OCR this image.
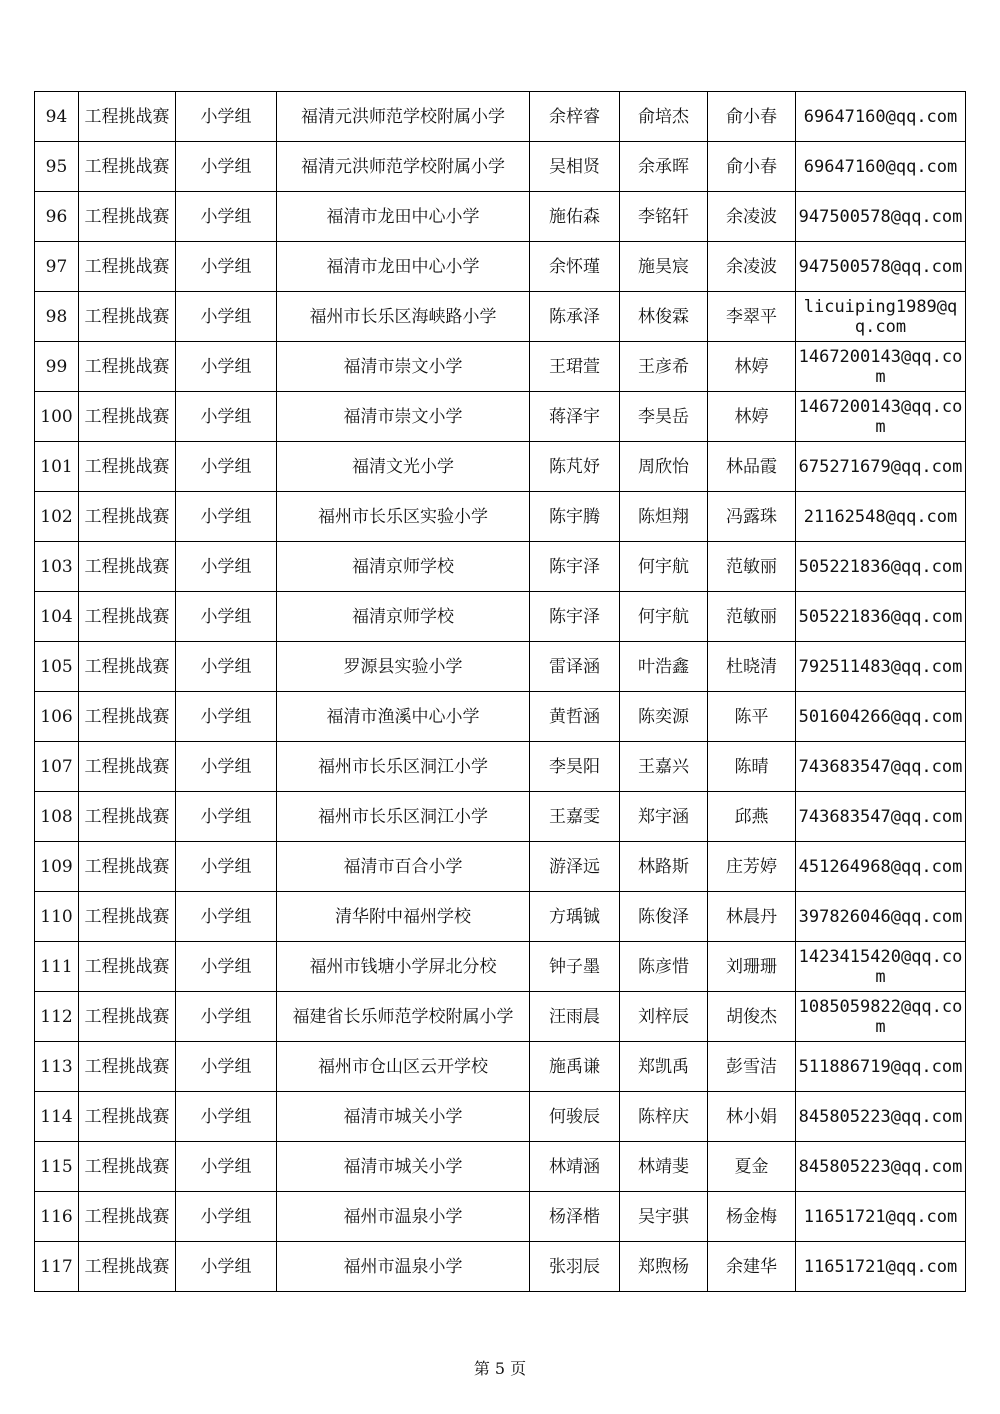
94	工程挑战赛	小学组	福清元洪师范学校附属小学	余梓睿	俞培杰	俞小春	69647160@qq.com
95	工程挑战赛	小学组	福清元洪师范学校附属小学	吴相贤	余承晖	俞小春	69647160@qq.com
96	工程挑战赛	小学组	福清市龙田中心小学	施佑森	李铭轩	余凌波	947500578@qq.com
97	工程挑战赛	小学组	福清市龙田中心小学	余怀瑾	施昊宸	余凌波	947500578@qq.com
98	工程挑战赛	小学组	福州市长乐区海峡路小学	陈承泽	林俊霖	李翠平	licuiping1989@qq.com
99	工程挑战赛	小学组	福清市崇文小学	王珺萱	王彦希	林婷	1467200143@qq.com
100	工程挑战赛	小学组	福清市崇文小学	蒋泽宇	李昊岳	林婷	1467200143@qq.com
101	工程挑战赛	小学组	福清文光小学	陈芃妤	周欣怡	林品霞	675271679@qq.com
102	工程挑战赛	小学组	福州市长乐区实验小学	陈宇腾	陈炟翔	冯露珠	21162548@qq.com
103	工程挑战赛	小学组	福清京师学校	陈宇泽	何宇航	范敏丽	505221836@qq.com
104	工程挑战赛	小学组	福清京师学校	陈宇泽	何宇航	范敏丽	505221836@qq.com
105	工程挑战赛	小学组	罗源县实验小学	雷译涵	叶浩鑫	杜晓清	792511483@qq.com
106	工程挑战赛	小学组	福清市渔溪中心小学	黄哲涵	陈奕源	陈平	501604266@qq.com
107	工程挑战赛	小学组	福州市长乐区洞江小学	李昊阳	王嘉兴	陈晴	743683547@qq.com
108	工程挑战赛	小学组	福州市长乐区洞江小学	王嘉雯	郑宇涵	邱燕	743683547@qq.com
109	工程挑战赛	小学组	福清市百合小学	游泽远	林路斯	庄芳婷	451264968@qq.com
110	工程挑战赛	小学组	清华附中福州学校	方瑀铖	陈俊泽	林晨丹	397826046@qq.com
111	工程挑战赛	小学组	福州市钱塘小学屏北分校	钟子墨	陈彦惜	刘珊珊	1423415420@qq.com
112	工程挑战赛	小学组	福建省长乐师范学校附属小学	汪雨晨	刘梓辰	胡俊杰	1085059822@qq.com
113	工程挑战赛	小学组	福州市仓山区云开学校	施禹谦	郑凯禹	彭雪洁	511886719@qq.com
114	工程挑战赛	小学组	福清市城关小学	何骏辰	陈梓庆	林小娟	845805223@qq.com
115	工程挑战赛	小学组	福清市城关小学	林靖涵	林靖斐	夏金	845805223@qq.com
116	工程挑战赛	小学组	福州市温泉小学	杨泽楷	吴宇骐	杨金梅	11651721@qq.com
117	工程挑战赛	小学组	福州市温泉小学	张羽辰	郑煦杨	余建华	11651721@qq.com
第 5 页
